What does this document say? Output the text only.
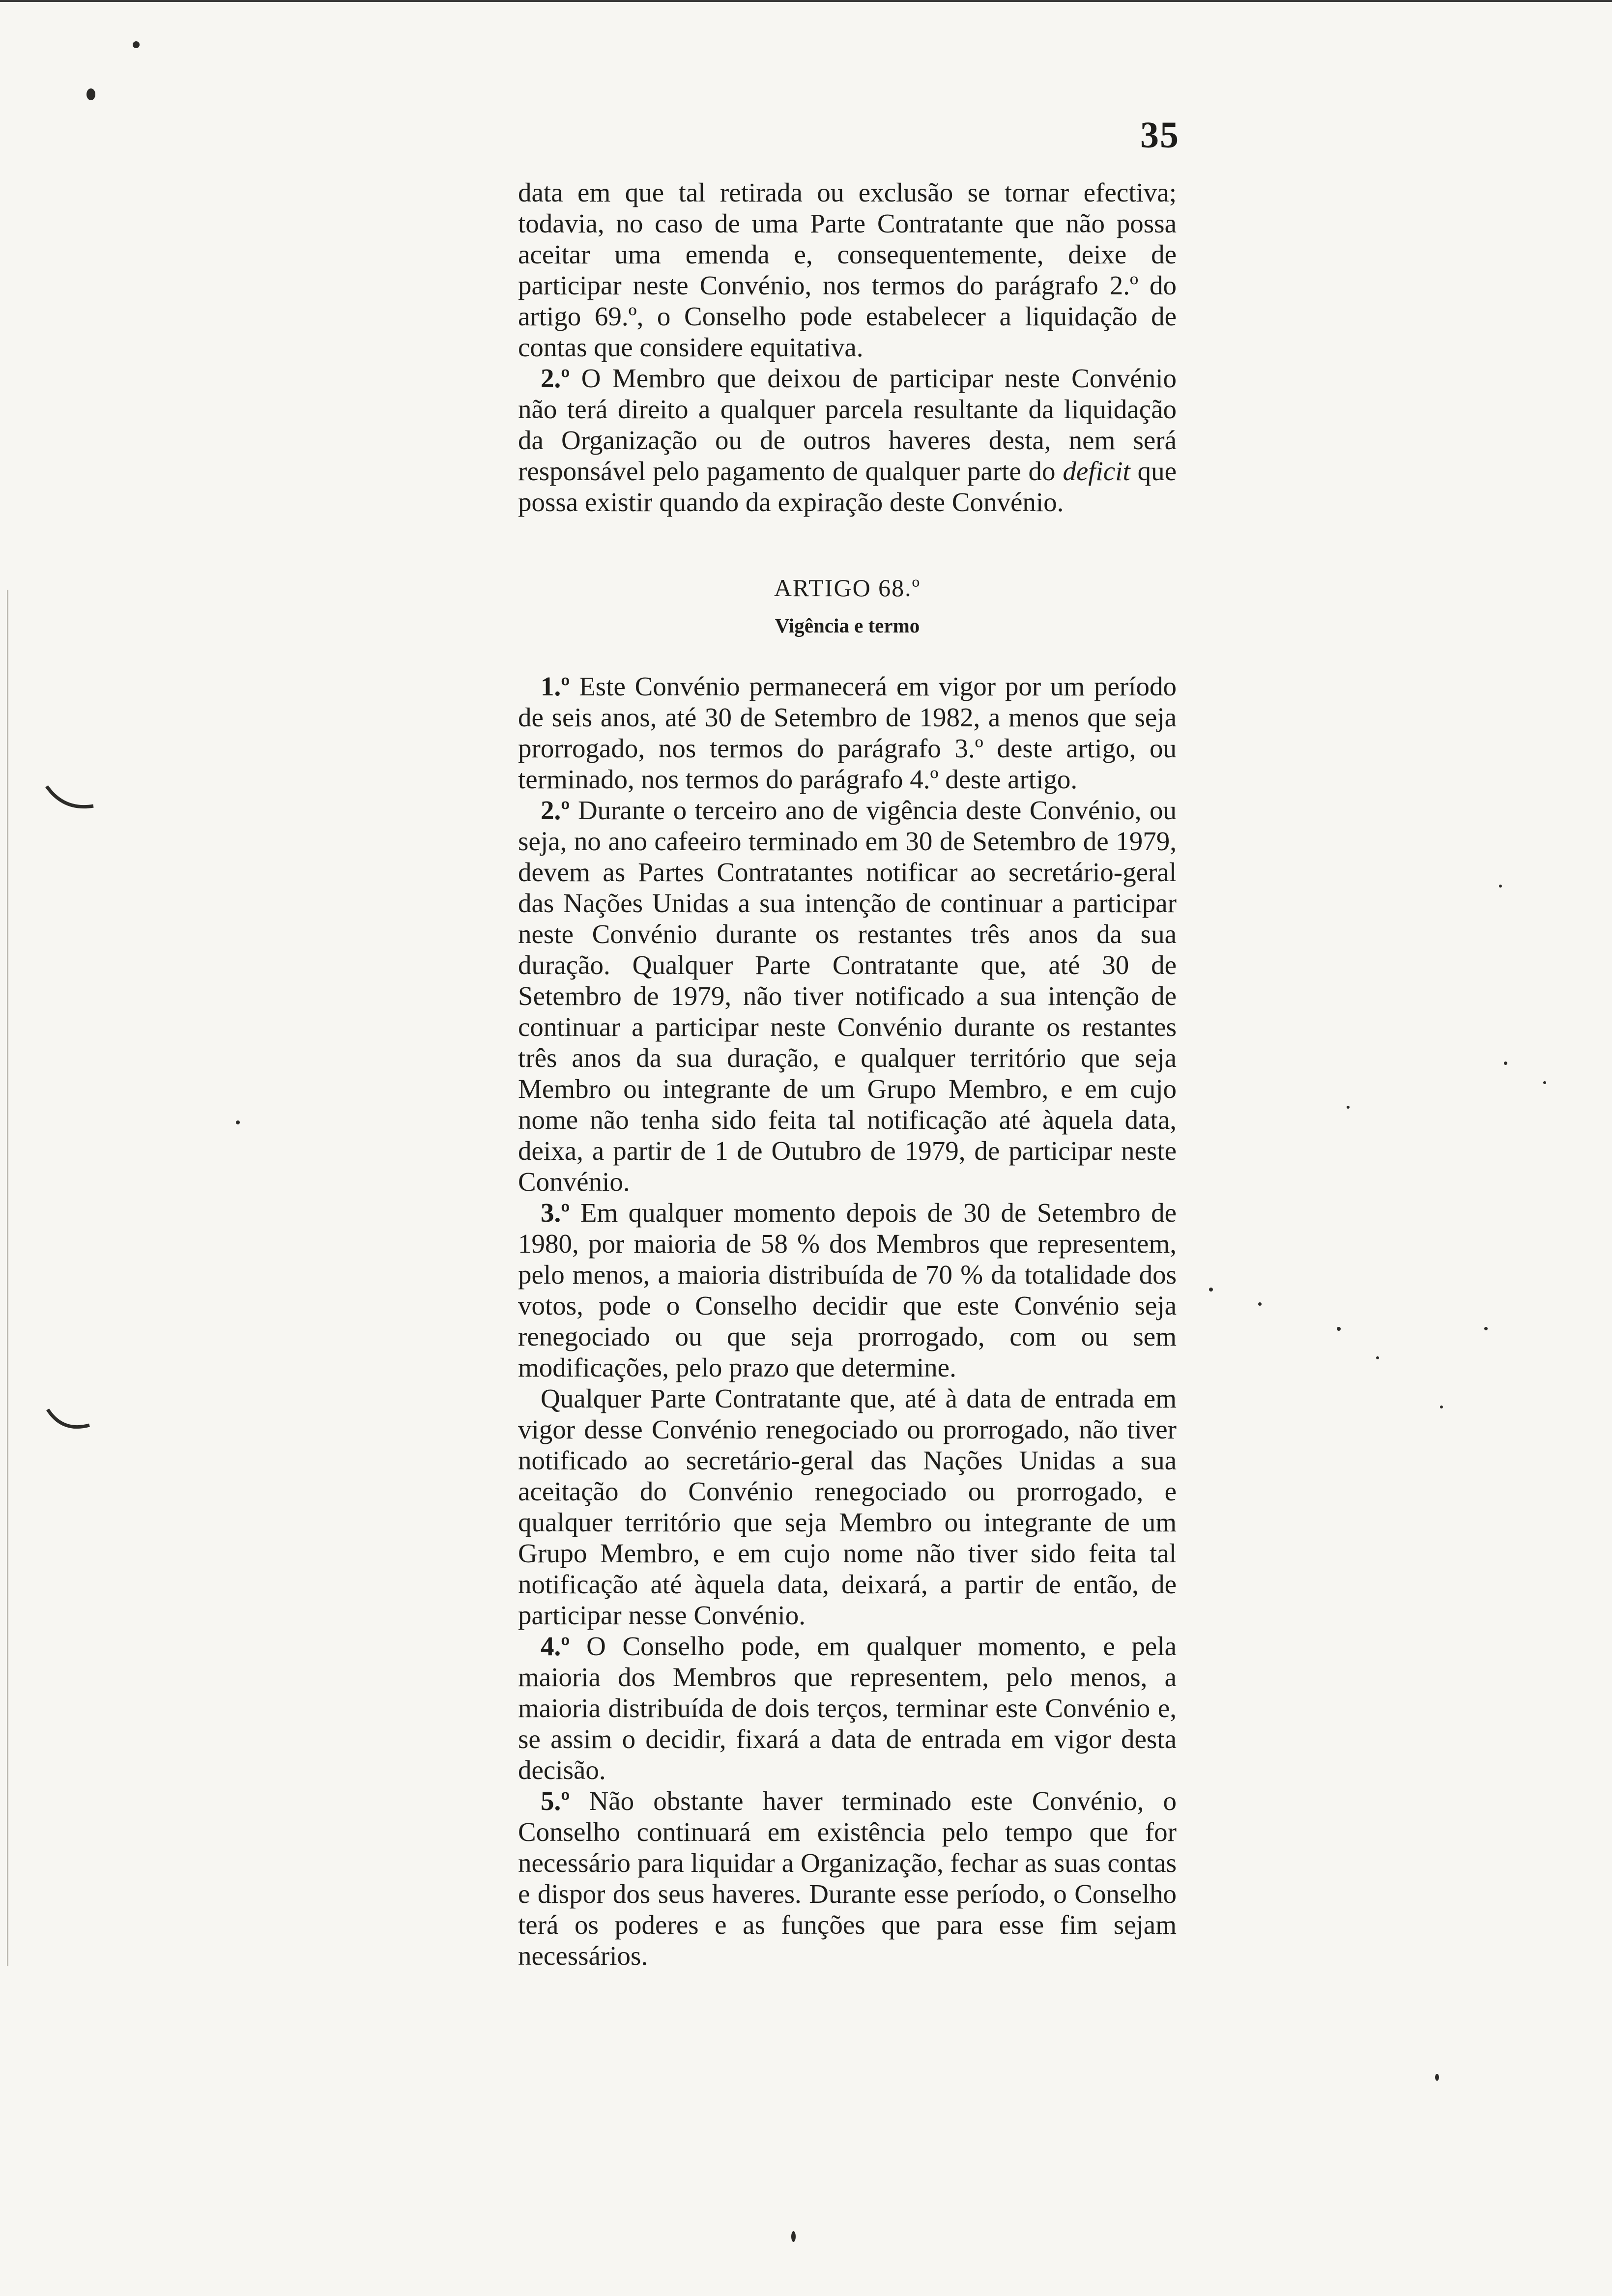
35

data em que tal retirada ou exclusão se tornar efectiva; todavia, no caso de uma Parte Contratante que não possa aceitar uma emenda e, consequentemente, deixe de participar neste Convénio, nos termos do parágrafo 2.º do artigo 69.º, o Conselho pode estabelecer a liquidação de contas que considere equitativa.

2.º O Membro que deixou de participar neste Convénio não terá direito a qualquer parcela resultante da liquidação da Organização ou de outros haveres desta, nem será responsável pelo pagamento de qualquer parte do deficit que possa existir quando da expiração deste Convénio.

ARTIGO 68.º
Vigência e termo

1.º Este Convénio permanecerá em vigor por um período de seis anos, até 30 de Setembro de 1982, a menos que seja prorrogado, nos termos do parágrafo 3.º deste artigo, ou terminado, nos termos do parágrafo 4.º deste artigo.

2.º Durante o terceiro ano de vigência deste Convénio, ou seja, no ano cafeeiro terminado em 30 de Setembro de 1979, devem as Partes Contratantes notificar ao secretário-geral das Nações Unidas a sua intenção de continuar a participar neste Convénio durante os restantes três anos da sua duração. Qualquer Parte Contratante que, até 30 de Setembro de 1979, não tiver notificado a sua intenção de continuar a participar neste Convénio durante os restantes três anos da sua duração, e qualquer território que seja Membro ou integrante de um Grupo Membro, e em cujo nome não tenha sido feita tal notificação até àquela data, deixa, a partir de 1 de Outubro de 1979, de participar neste Convénio.

3.º Em qualquer momento depois de 30 de Setembro de 1980, por maioria de 58 % dos Membros que representem, pelo menos, a maioria distribuída de 70 % da totalidade dos votos, pode o Conselho decidir que este Convénio seja renegociado ou que seja prorrogado, com ou sem modificações, pelo prazo que determine.

Qualquer Parte Contratante que, até à data de entrada em vigor desse Convénio renegociado ou prorrogado, não tiver notificado ao secretário-geral das Nações Unidas a sua aceitação do Convénio renegociado ou prorrogado, e qualquer território que seja Membro ou integrante de um Grupo Membro, e em cujo nome não tiver sido feita tal notificação até àquela data, deixará, a partir de então, de participar nesse Convénio.

4.º O Conselho pode, em qualquer momento, e pela maioria dos Membros que representem, pelo menos, a maioria distribuída de dois terços, terminar este Convénio e, se assim o decidir, fixará a data de entrada em vigor desta decisão.

5.º Não obstante haver terminado este Convénio, o Conselho continuará em existência pelo tempo que for necessário para liquidar a Organização, fechar as suas contas e dispor dos seus haveres. Durante esse período, o Conselho terá os poderes e as funções que para esse fim sejam necessários.
